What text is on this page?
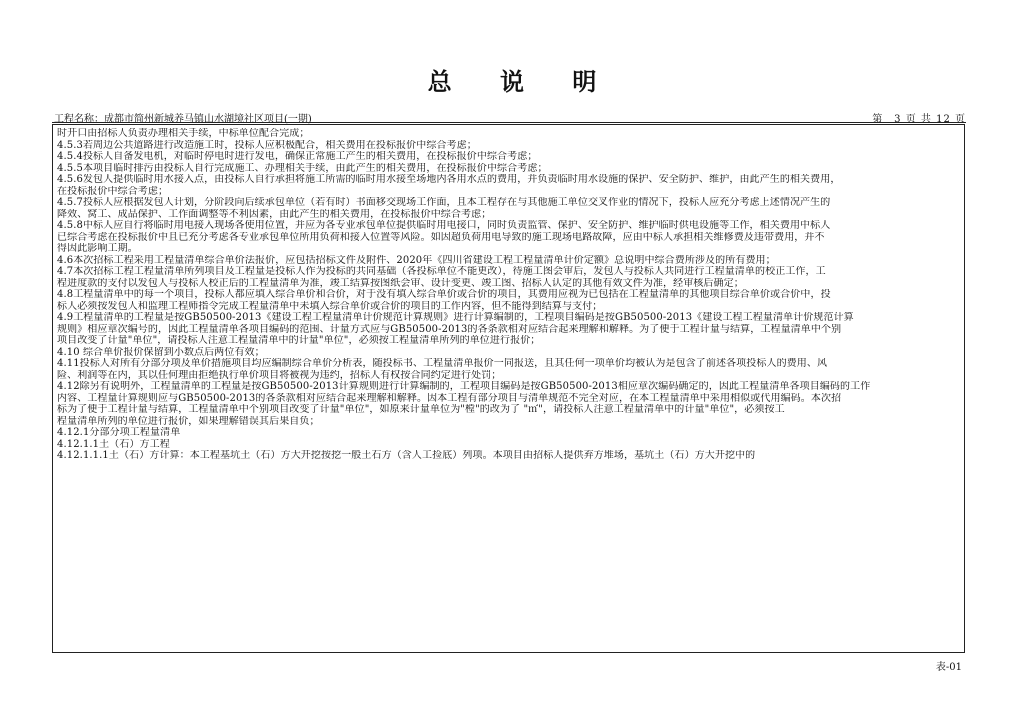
总 说 明
工程名称：成都市简州新城养马镇山水湖境社区项目(一期)	第　3 页 共 12 页
时开口由招标人负责办理相关手续，中标单位配合完成；
4.5.3若周边公共道路进行改造施工时，投标人应积极配合，相关费用在投标报价中综合考虑；
4.5.4投标人自备发电机，对临时停电时进行发电，确保正常施工产生的相关费用，在投标报价中综合考虑；
4.5.5本项目临时排污由投标人自行完成施工、办理相关手续，由此产生的相关费用，在投标报价中综合考虑；
4.5.6发包人提供临时用水接入点，由投标人自行承担将施工所需的临时用水接至场地内各用水点的费用，并负责临时用水设施的保护、安全防护、维护，由此产生的相关费用，
在投标报价中综合考虑；
4.5.7投标人应根据发包人计划，分阶段向后续承包单位（若有时）书面移交现场工作面，且本工程存在与其他施工单位交叉作业的情况下，投标人应充分考虑上述情况产生的
降效、窝工、成品保护、工作面调整等不利因素，由此产生的相关费用，在投标报价中综合考虑；
4.5.8中标人应自行将临时用电接入现场各使用位置，并应为各专业承包单位提供临时用电接口，同时负责监管、保护、安全防护、维护临时供电设施等工作，相关费用中标人
已综合考虑在投标报价中且已充分考虑各专业承包单位所用负荷和接入位置等风险。如因超负荷用电导致的施工现场电路故障，应由中标人承担相关维修费及违带费用，并不
得因此影响工期。
4.6本次招标工程采用工程量清单综合单价法报价，应包括招标文件及附件、2020年《四川省建设工程工程量清单计价定额》总说明中综合费所涉及的所有费用；
4.7本次招标工程工程量清单所列项目及工程量是投标人作为投标的共同基础（各投标单位不能更改），待施工图会审后，发包人与投标人共同进行工程量清单的校正工作，工
程进度款的支付以发包人与投标人校正后的工程量清单为准，竣工结算按图纸会审、设计变更、竣工图、招标人认定的其他有效文件为准，经审核后确定；
4.8工程量清单中的每一个项目，投标人都应填入综合单价和合价，对于没有填入综合单价或合价的项目，其费用应视为已包括在工程量清单的其他项目综合单价或合价中，投
标人必须按发包人和监理工程师指令完成工程量清单中未填入综合单价或合价的项目的工作内容，但不能得到结算与支付；
4.9工程量清单的工程量是按GB50500-2013《建设工程工程量清单计价规范计算规则》进行计算编制的，工程项目编码是按GB50500-2013《建设工程工程量清单计价规范计算
规则》相应章次编号的，因此工程量清单各项目编码的范围、计量方式应与GB50500-2013的各条款相对应结合起来理解和解释。为了便于工程计量与结算，工程量清单中个别
项目改变了计量"单位"，请投标人注意工程量清单中的计量"单位"，必须按工程量清单所列的单位进行报价；
4.10 综合单价报价保留到小数点后两位有效；
4.11投标人对所有分部分项及单价措施项目均应编制综合单价分析表，随投标书、工程量清单报价一同报送，且其任何一项单价均被认为是包含了前述各项投标人的费用、风
险、利润等在内，其以任何理由拒绝执行单价项目将被视为违约，招标人有权按合同约定进行处罚；
4.12除另有说明外，工程量清单的工程量是按GB50500-2013计算规则进行计算编制的，工程项目编码是按GB50500-2013相应章次编码确定的，因此工程量清单各项目编码的工作
内容、工程量计算规则应与GB50500-2013的各条款相对应结合起来理解和解释。因本工程有部分项目与清单规范不完全对应，在本工程量清单中采用相似或代用编码。本次招
标为了便于工程计量与结算，工程量清单中个别项目改变了计量"单位"，如原来计量单位为"樘"的改为了 "㎡"，请投标人注意工程量清单中的计量"单位"，必须按工
程量清单所列的单位进行报价，如果理解错误其后果自负；
4.12.1分部分项工程量清单
4.12.1.1土（石）方工程
4.12.1.1.1土（石）方计算：本工程基坑土（石）方大开挖按挖一般土石方（含人工捡底）列项。本项目由招标人提供弃方堆场，基坑土（石）方大开挖中的
表-01
